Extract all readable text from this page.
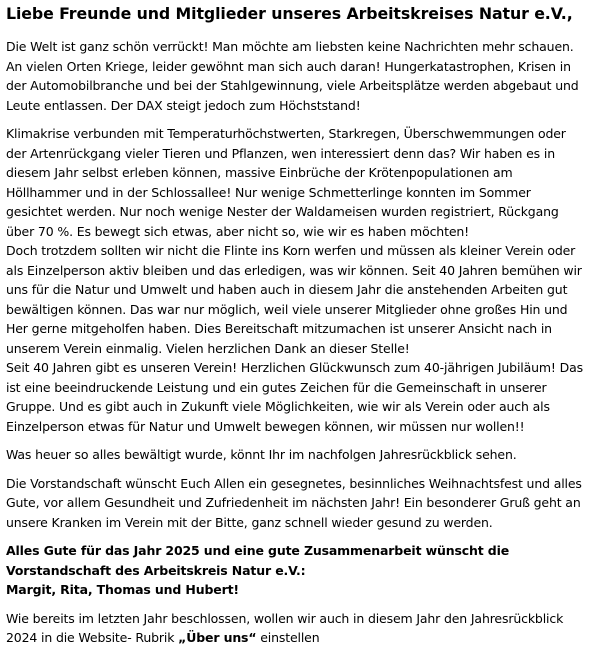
Liebe Freunde und Mitglieder unseres Arbeitskreises Natur e.V.,

Die Welt ist ganz schön verrückt! Man möchte am liebsten keine Nachrichten mehr schauen. An vielen Orten Kriege, leider gewöhnt man sich auch daran! Hungerkatastrophen, Krisen in der Automobilbranche und bei der Stahlgewinnung, viele Arbeitsplätze werden abgebaut und Leute entlassen. Der DAX steigt jedoch zum Höchststand!

Klimakrise verbunden mit Temperaturhöchstwerten, Starkregen, Überschwemmungen oder der Artenrückgang vieler Tieren und Pflanzen, wen interessiert denn das? Wir haben es in diesem Jahr selbst erleben können, massive Einbrüche der Krötenpopulationen am Höllhammer und in der Schlossallee! Nur wenige Schmetterlinge konnten im Sommer gesichtet werden. Nur noch wenige Nester der Waldameisen wurden registriert, Rückgang über 70 %. Es bewegt sich etwas, aber nicht so, wie wir es haben möchten!

Doch trotzdem sollten wir nicht die Flinte ins Korn werfen und müssen als kleiner Verein oder als Einzelperson aktiv bleiben und das erledigen, was wir können. Seit 40 Jahren bemühen wir uns für die Natur und Umwelt und haben auch in diesem Jahr die anstehenden Arbeiten gut bewältigen können. Das war nur möglich, weil viele unserer Mitglieder ohne großes Hin und Her gerne mitgeholfen haben. Dies Bereitschaft mitzumachen ist unserer Ansicht nach in unserem Verein einmalig. Vielen herzlichen Dank an dieser Stelle!

Seit 40 Jahren gibt es unseren Verein! Herzlichen Glückwunsch zum 40-jährigen Jubiläum! Das ist eine beeindruckende Leistung und ein gutes Zeichen für die Gemeinschaft in unserer Gruppe. Und es gibt auch in Zukunft viele Möglichkeiten, wie wir als Verein oder auch als Einzelperson etwas für Natur und Umwelt bewegen können, wir müssen nur wollen!!

Was heuer so alles bewältigt wurde, könnt Ihr im nachfolgen Jahresrückblick sehen.

Die Vorstandschaft wünscht Euch Allen ein gesegnetes, besinnliches Weihnachtsfest und alles Gute, vor allem Gesundheit und Zufriedenheit im nächsten Jahr! Ein besonderer Gruß geht an unsere Kranken im Verein mit der Bitte, ganz schnell wieder gesund zu werden.

Alles Gute für das Jahr 2025 und eine gute Zusammenarbeit wünscht die Vorstandschaft des Arbeitskreis Natur e.V.:
Margit, Rita, Thomas und Hubert!

Wie bereits im letzten Jahr beschlossen, wollen wir auch in diesem Jahr den Jahresrückblick 2024 in die Website- Rubrik „Über uns“ einstellen
